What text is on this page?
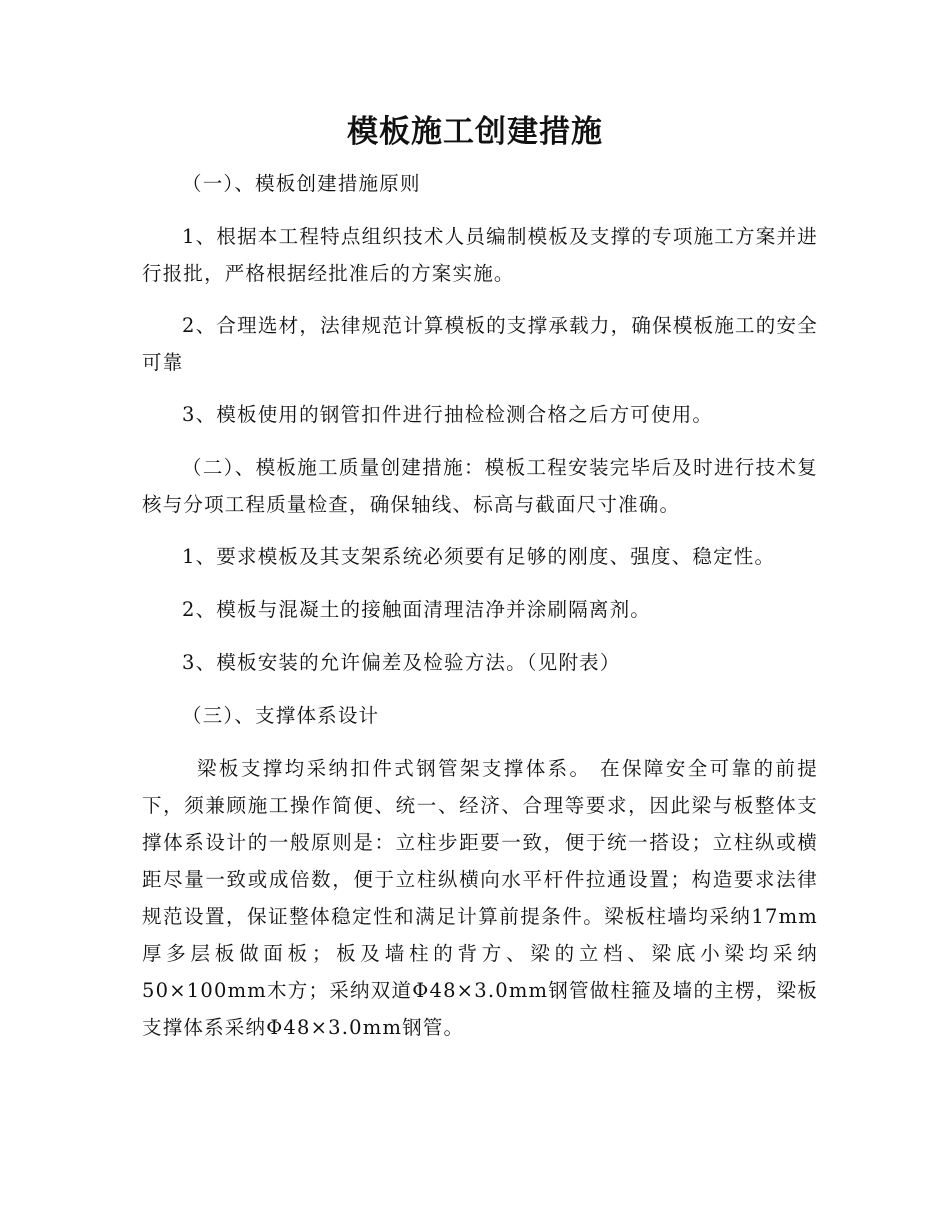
模板施工创建措施
（一）、模板创建措施原则
1、根据本工程特点组织技术人员编制模板及支撑的专项施工方案并进行报批，严格根据经批准后的方案实施。
2、合理选材，法律规范计算模板的支撑承载力，确保模板施工的安全可靠
3、模板使用的钢管扣件进行抽检检测合格之后方可使用。
（二）、模板施工质量创建措施：模板工程安装完毕后及时进行技术复核与分项工程质量检查，确保轴线、标高与截面尺寸准确。
1、要求模板及其支架系统必须要有足够的刚度、强度、稳定性。
2、模板与混凝土的接触面清理洁净并涂刷隔离剂。
3、模板安装的允许偏差及检验方法。（见附表）
（三）、支撑体系设计
梁板支撑均采纳扣件式钢管架支撑体系。 在保障安全可靠的前提下，须兼顾施工操作简便、统一、经济、合理等要求，因此梁与板整体支撑体系设计的一般原则是：立柱步距要一致，便于统一搭设；立柱纵或横距尽量一致或成倍数，便于立柱纵横向水平杆件拉通设置；构造要求法律规范设置，保证整体稳定性和满足计算前提条件。梁板柱墙均采纳17mm厚多层板做面板；板及墙柱的背方、梁的立档、梁底小梁均采纳50×100mm木方；采纳双道Φ48×3.0mm钢管做柱箍及墙的主楞，梁板支撑体系采纳Φ48×3.0mm钢管。
